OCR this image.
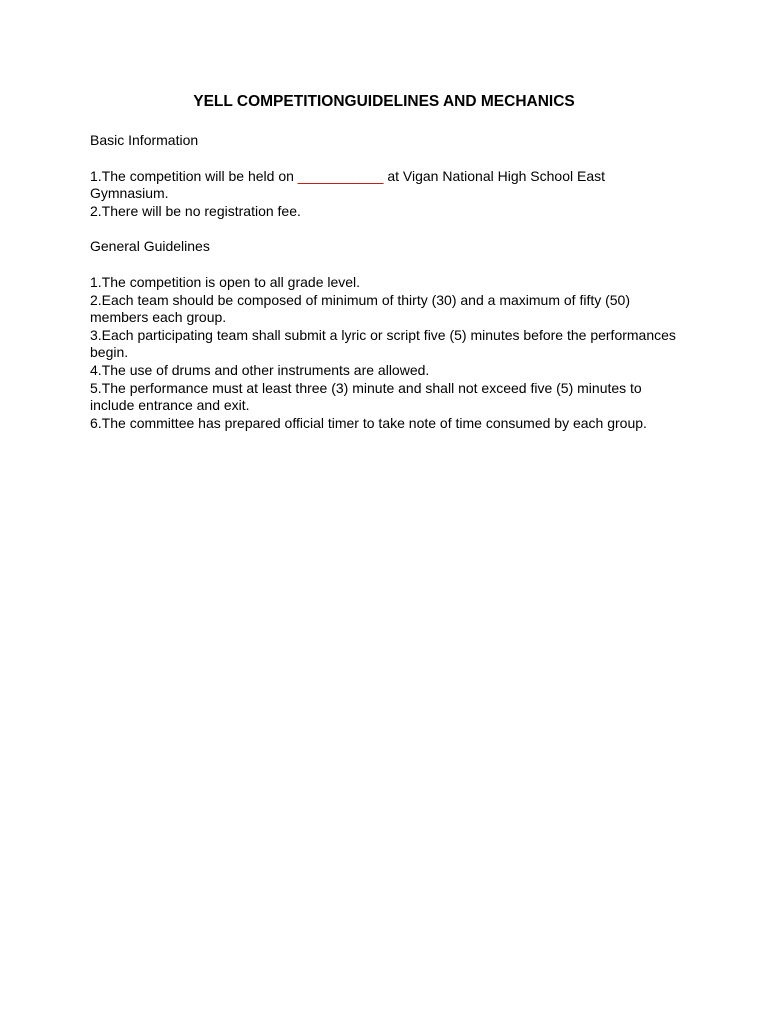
YELL COMPETITIONGUIDELINES AND MECHANICS

Basic Information

1.The competition will be held on ___________ at Vigan National High School East Gymnasium.
2.There will be no registration fee.

General Guidelines

1.The competition is open to all grade level.
2.Each team should be composed of minimum of thirty (30) and a maximum of fifty (50) members each group.
3.Each participating team shall submit a lyric or script five (5) minutes before the performances begin.
4.The use of drums and other instruments are allowed.
5.The performance must at least three (3) minute and shall not exceed five (5) minutes to include entrance and exit.
6.The committee has prepared official timer to take note of time consumed by each group.
